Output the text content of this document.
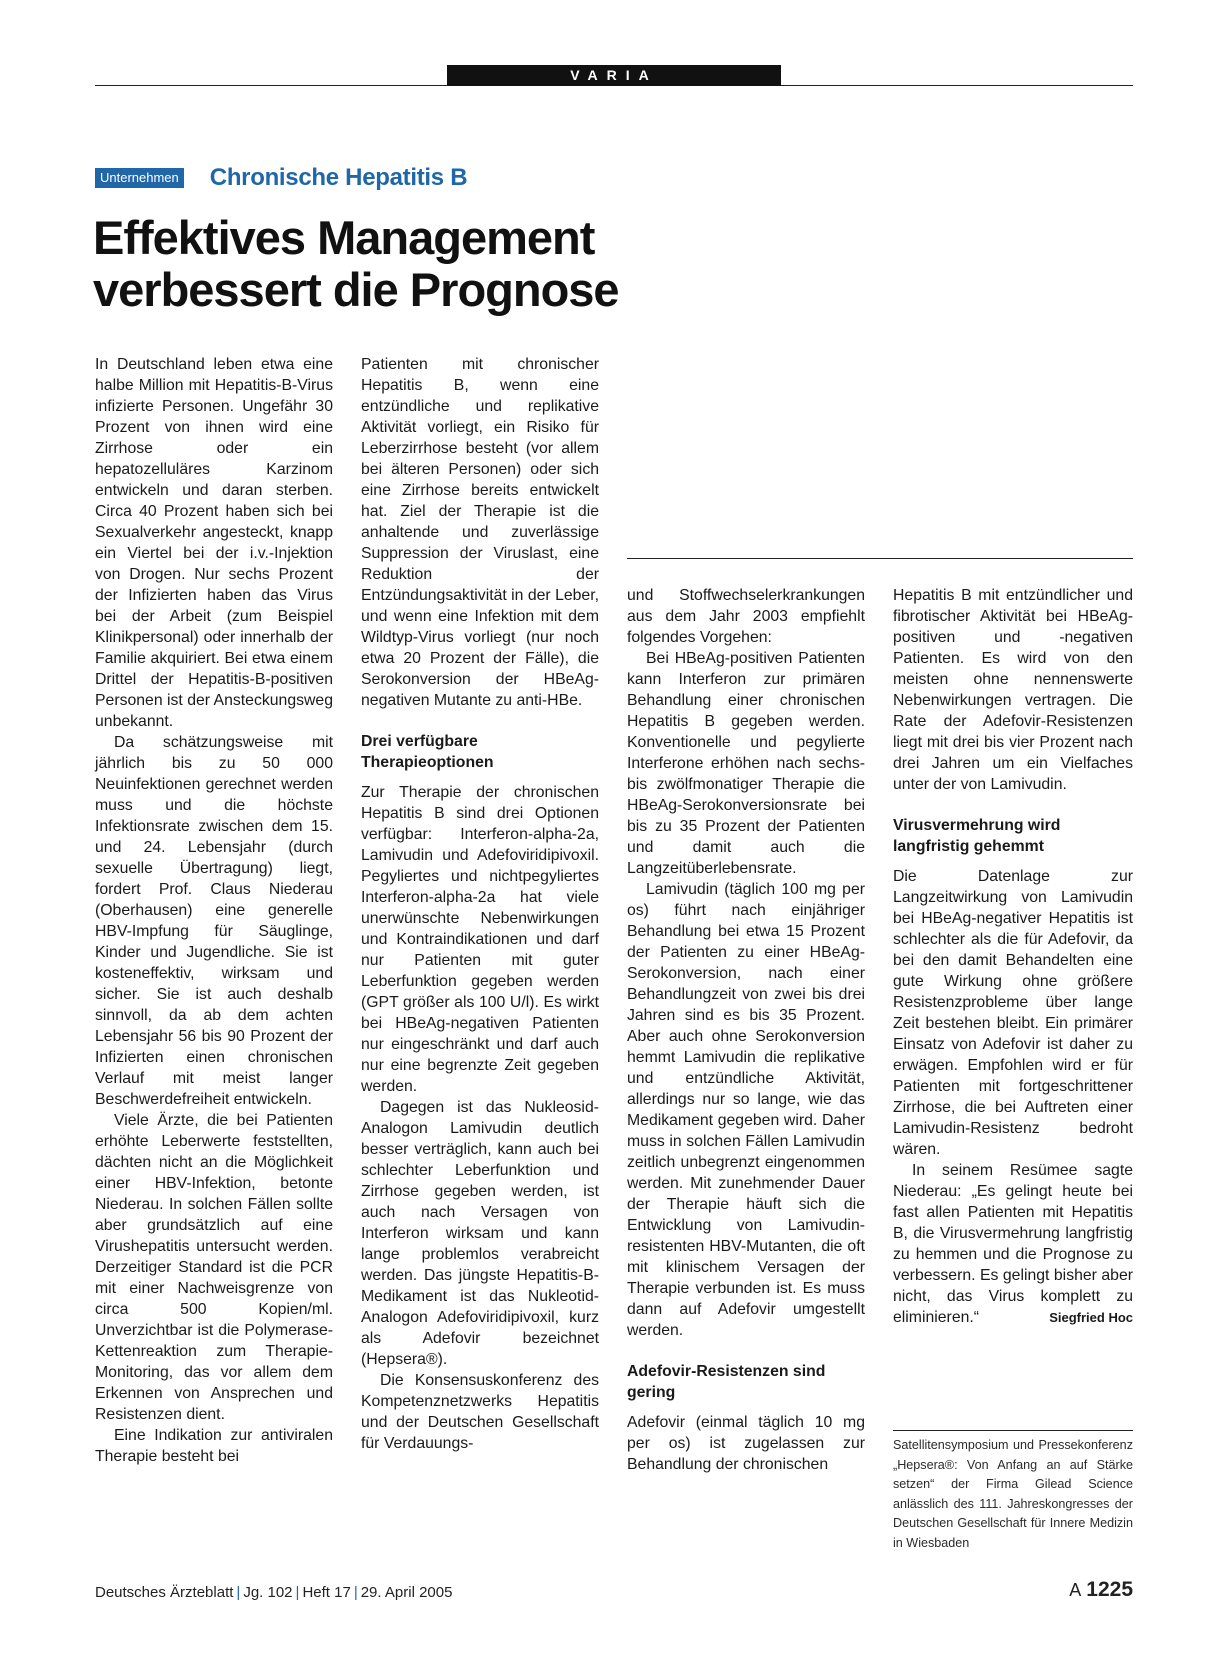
VARIA
Unternehmen Chronische Hepatitis B
Effektives Management
verbessert die Prognose

In Deutschland leben etwa eine halbe Million mit Hepatitis-B-Virus infizierte Personen. Ungefähr 30 Prozent von ihnen wird eine Zirrhose oder ein hepatozelluläres Karzinom entwickeln und daran sterben. Circa 40 Prozent haben sich bei Sexualverkehr angesteckt, knapp ein Viertel bei der i.v.-Injektion von Drogen. Nur sechs Prozent der Infizierten haben das Virus bei der Arbeit (zum Beispiel Klinikpersonal) oder innerhalb der Familie akquiriert. Bei etwa einem Drittel der Hepatitis-B-positiven Personen ist der Ansteckungsweg unbekannt.

Da schätzungsweise mit jährlich bis zu 50 000 Neuinfektionen gerechnet werden muss und die höchste Infektionsrate zwischen dem 15. und 24. Lebensjahr (durch sexuelle Übertragung) liegt, fordert Prof. Claus Niederau (Oberhausen) eine generelle HBV-Impfung für Säuglinge, Kinder und Jugendliche. Sie ist kosteneffektiv, wirksam und sicher. Sie ist auch deshalb sinnvoll, da ab dem achten Lebensjahr 56 bis 90 Prozent der Infizierten einen chronischen Verlauf mit meist langer Beschwerdefreiheit entwickeln.

Viele Ärzte, die bei Patienten erhöhte Leberwerte feststellten, dächten nicht an die Möglichkeit einer HBV-Infektion, betonte Niederau. In solchen Fällen sollte aber grundsätzlich auf eine Virushepatitis untersucht werden. Derzeitiger Standard ist die PCR mit einer Nachweisgrenze von circa 500 Kopien/ml. Unverzichtbar ist die Polymerase-Kettenreaktion zum Therapie-Monitoring, das vor allem dem Erkennen von Ansprechen und Resistenzen dient.

Eine Indikation zur antiviralen Therapie besteht bei

Patienten mit chronischer Hepatitis B, wenn eine entzündliche und replikative Aktivität vorliegt, ein Risiko für Leberzirrhose besteht (vor allem bei älteren Personen) oder sich eine Zirrhose bereits entwickelt hat. Ziel der Therapie ist die anhaltende und zuverlässige Suppression der Viruslast, eine Reduktion der Entzündungsaktivität in der Leber, und wenn eine Infektion mit dem Wildtyp-Virus vorliegt (nur noch etwa 20 Prozent der Fälle), die Serokonversion der HBeAg-negativen Mutante zu anti-HBe.

Drei verfügbare Therapieoptionen

Zur Therapie der chronischen Hepatitis B sind drei Optionen verfügbar: Interferon-alpha-2a, Lamivudin und Adefoviridipivoxil. Pegyliertes und nichtpegyliertes Interferon-alpha-2a hat viele unerwünschte Nebenwirkungen und Kontraindikationen und darf nur Patienten mit guter Leberfunktion gegeben werden (GPT größer als 100 U/l). Es wirkt bei HBeAg-negativen Patienten nur eingeschränkt und darf auch nur eine begrenzte Zeit gegeben werden.

Dagegen ist das Nukleosid-Analogon Lamivudin deutlich besser verträglich, kann auch bei schlechter Leberfunktion und Zirrhose gegeben werden, ist auch nach Versagen von Interferon wirksam und kann lange problemlos verabreicht werden. Das jüngste Hepatitis-B-Medikament ist das Nukleotid-Analogon Adefoviridipivoxil, kurz als Adefovir bezeichnet (Hepsera®).

Die Konsensuskonferenz des Kompetenznetzwerks Hepatitis und der Deutschen Gesellschaft für Verdauungs-

und Stoffwechselerkrankungen aus dem Jahr 2003 empfiehlt folgendes Vorgehen:

Bei HBeAg-positiven Patienten kann Interferon zur primären Behandlung einer chronischen Hepatitis B gegeben werden. Konventionelle und pegylierte Interferone erhöhen nach sechs- bis zwölfmonatiger Therapie die HBeAg-Serokonversionsrate bei bis zu 35 Prozent der Patienten und damit auch die Langzeitüberlebensrate.

Lamivudin (täglich 100 mg per os) führt nach einjähriger Behandlung bei etwa 15 Prozent der Patienten zu einer HBeAg-Serokonversion, nach einer Behandlungzeit von zwei bis drei Jahren sind es bis 35 Prozent. Aber auch ohne Serokonversion hemmt Lamivudin die replikative und entzündliche Aktivität, allerdings nur so lange, wie das Medikament gegeben wird. Daher muss in solchen Fällen Lamivudin zeitlich unbegrenzt eingenommen werden. Mit zunehmender Dauer der Therapie häuft sich die Entwicklung von Lamivudin-resistenten HBV-Mutanten, die oft mit klinischem Versagen der Therapie verbunden ist. Es muss dann auf Adefovir umgestellt werden.

Adefovir-Resistenzen sind gering

Adefovir (einmal täglich 10 mg per os) ist zugelassen zur Behandlung der chronischen

Hepatitis B mit entzündlicher und fibrotischer Aktivität bei HBeAg-positiven und -negativen Patienten. Es wird von den meisten ohne nennenswerte Nebenwirkungen vertragen. Die Rate der Adefovir-Resistenzen liegt mit drei bis vier Prozent nach drei Jahren um ein Vielfaches unter der von Lamivudin.

Virusvermehrung wird langfristig gehemmt

Die Datenlage zur Langzeitwirkung von Lamivudin bei HBeAg-negativer Hepatitis ist schlechter als die für Adefovir, da bei den damit Behandelten eine gute Wirkung ohne größere Resistenzprobleme über lange Zeit bestehen bleibt. Ein primärer Einsatz von Adefovir ist daher zu erwägen. Empfohlen wird er für Patienten mit fortgeschrittener Zirrhose, die bei Auftreten einer Lamivudin-Resistenz bedroht wären.

In seinem Resümee sagte Niederau: „Es gelingt heute bei fast allen Patienten mit Hepatitis B, die Virusvermehrung langfristig zu hemmen und die Prognose zu verbessern. Es gelingt bisher aber nicht, das Virus komplett zu eliminieren.“	Siegfried Hoc

Satellitensymposium und Pressekonferenz „Hepsera®: Von Anfang an auf Stärke setzen“ der Firma Gilead Science anlässlich des 111. Jahreskongresses der Deutschen Gesellschaft für Innere Medizin in Wiesbaden
Deutsches Ärzteblatt | Jg. 102 | Heft 17 | 29. April 2005	A 1225
